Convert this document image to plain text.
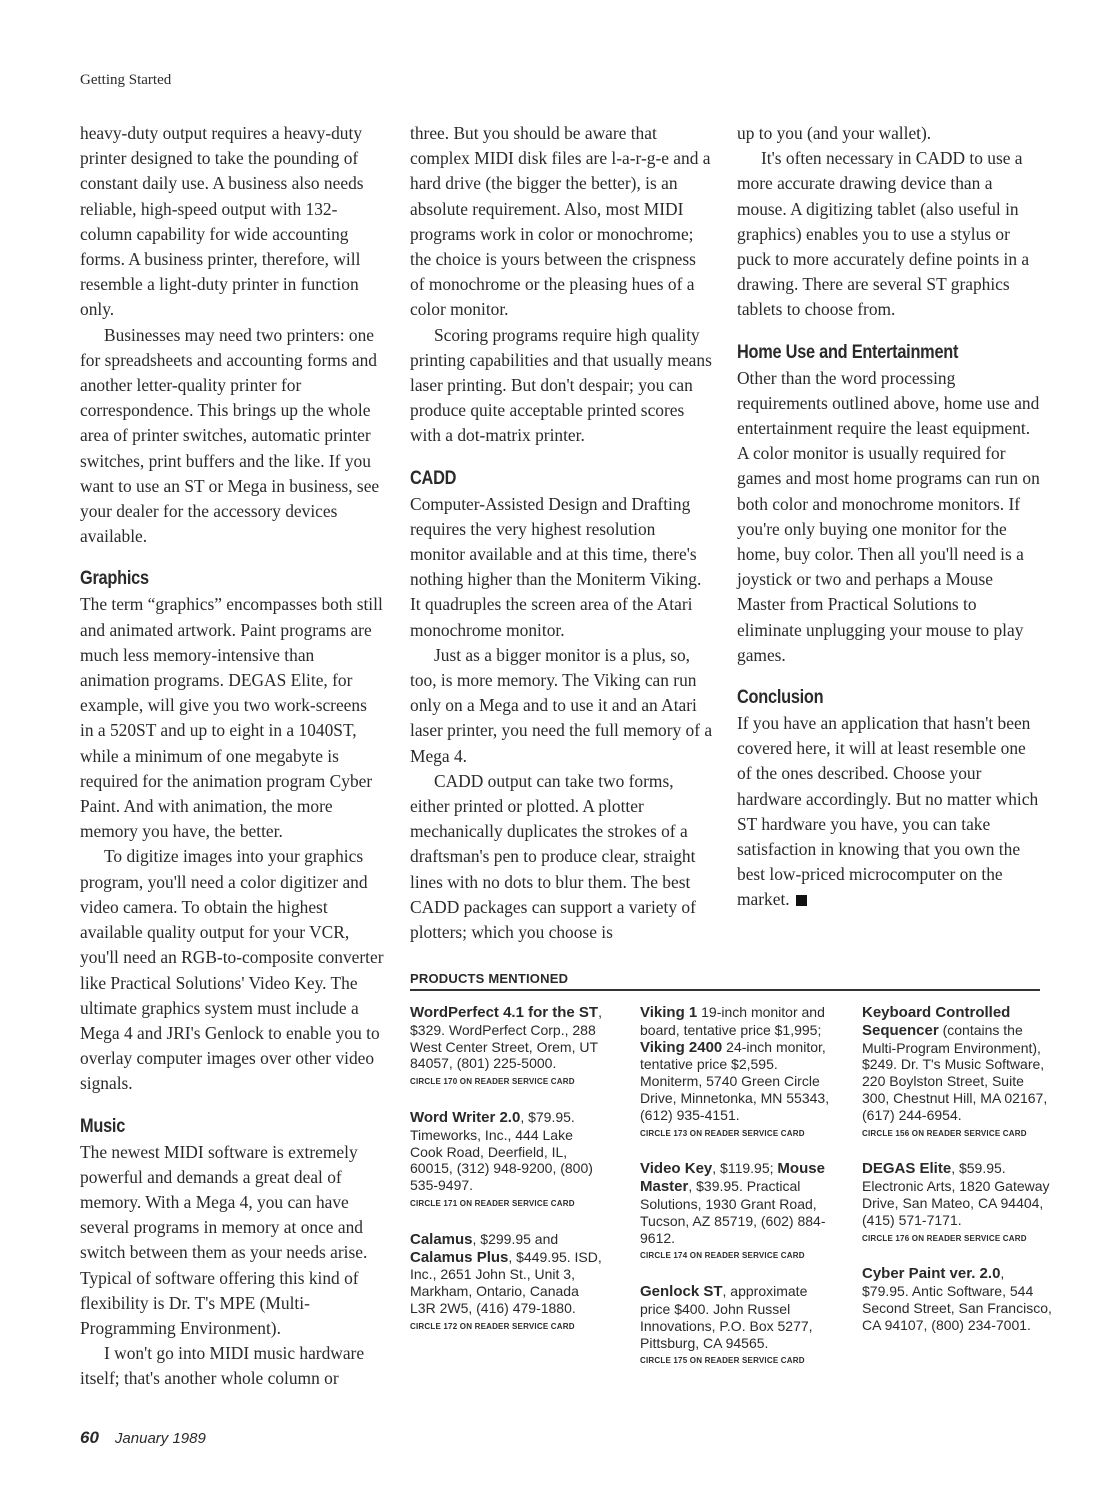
Getting Started

heavy-duty output requires a heavy-duty printer designed to take the pounding of constant daily use. A business also needs reliable, high-speed output with 132-column capability for wide accounting forms. A business printer, therefore, will resemble a light-duty printer in function only.

Businesses may need two printers: one for spreadsheets and accounting forms and another letter-quality printer for correspondence. This brings up the whole area of printer switches, automatic printer switches, print buffers and the like. If you want to use an ST or Mega in business, see your dealer for the accessory devices available.

Graphics

The term “graphics” encompasses both still and animated artwork. Paint programs are much less memory-intensive than animation programs. DEGAS Elite, for example, will give you two work-screens in a 520ST and up to eight in a 1040ST, while a minimum of one megabyte is required for the animation program Cyber Paint. And with animation, the more memory you have, the better.

To digitize images into your graphics program, you'll need a color digitizer and video camera. To obtain the highest available quality output for your VCR, you'll need an RGB-to-composite converter like Practical Solutions' Video Key. The ultimate graphics system must include a Mega 4 and JRI's Genlock to enable you to overlay computer images over other video signals.

Music

The newest MIDI software is extremely powerful and demands a great deal of memory. With a Mega 4, you can have several programs in memory at once and switch between them as your needs arise. Typical of software offering this kind of flexibility is Dr. T's MPE (Multi-Programming Environment).

I won't go into MIDI music hardware itself; that's another whole column or

three. But you should be aware that complex MIDI disk files are l-a-r-g-e and a hard drive (the bigger the better), is an absolute requirement. Also, most MIDI programs work in color or monochrome; the choice is yours between the crispness of monochrome or the pleasing hues of a color monitor.

Scoring programs require high quality printing capabilities and that usually means laser printing. But don't despair; you can produce quite acceptable printed scores with a dot-matrix printer.

CADD

Computer-Assisted Design and Drafting requires the very highest resolution monitor available and at this time, there's nothing higher than the Moniterm Viking. It quadruples the screen area of the Atari monochrome monitor.

Just as a bigger monitor is a plus, so, too, is more memory. The Viking can run only on a Mega and to use it and an Atari laser printer, you need the full memory of a Mega 4.

CADD output can take two forms, either printed or plotted. A plotter mechanically duplicates the strokes of a draftsman's pen to produce clear, straight lines with no dots to blur them. The best CADD packages can support a variety of plotters; which you choose is

up to you (and your wallet).

It's often necessary in CADD to use a more accurate drawing device than a mouse. A digitizing tablet (also useful in graphics) enables you to use a stylus or puck to more accurately define points in a drawing. There are several ST graphics tablets to choose from.

Home Use and Entertainment

Other than the word processing requirements outlined above, home use and entertainment require the least equipment. A color monitor is usually required for games and most home programs can run on both color and monochrome monitors. If you're only buying one monitor for the home, buy color. Then all you'll need is a joystick or two and perhaps a Mouse Master from Practical Solutions to eliminate unplugging your mouse to play games.

Conclusion

If you have an application that hasn't been covered here, it will at least resemble one of the ones described. Choose your hardware accordingly. But no matter which ST hardware you have, you can take satisfaction in knowing that you own the best low-priced microcomputer on the market.

PRODUCTS MENTIONED
WordPerfect 4.1 for the ST, $329. WordPerfect Corp., 288 West Center Street, Orem, UT 84057, (801) 225-5000.
CIRCLE 170 ON READER SERVICE CARD
Word Writer 2.0, $79.95. Timeworks, Inc., 444 Lake Cook Road, Deerfield, IL, 60015, (312) 948-9200, (800) 535-9497.
CIRCLE 171 ON READER SERVICE CARD
Calamus, $299.95 and Calamus Plus, $449.95. ISD, Inc., 2651 John St., Unit 3, Markham, Ontario, Canada L3R 2W5, (416) 479-1880.
CIRCLE 172 ON READER SERVICE CARD
Viking 1 19-inch monitor and board, tentative price $1,995; Viking 2400 24-inch monitor, tentative price $2,595. Moniterm, 5740 Green Circle Drive, Minnetonka, MN 55343, (612) 935-4151.
CIRCLE 173 ON READER SERVICE CARD
Video Key, $119.95; Mouse Master, $39.95. Practical Solutions, 1930 Grant Road, Tucson, AZ 85719, (602) 884-9612.
CIRCLE 174 ON READER SERVICE CARD
Genlock ST, approximate price $400. John Russel Innovations, P.O. Box 5277, Pittsburg, CA 94565.
CIRCLE 175 ON READER SERVICE CARD
Keyboard Controlled Sequencer (contains the Multi-Program Environment), $249. Dr. T's Music Software, 220 Boylston Street, Suite 300, Chestnut Hill, MA 02167, (617) 244-6954.
CIRCLE 156 ON READER SERVICE CARD
DEGAS Elite, $59.95. Electronic Arts, 1820 Gateway Drive, San Mateo, CA 94404, (415) 571-7171.
CIRCLE 176 ON READER SERVICE CARD
Cyber Paint ver. 2.0, $79.95. Antic Software, 544 Second Street, San Francisco, CA 94107, (800) 234-7001.
60 January 1989
